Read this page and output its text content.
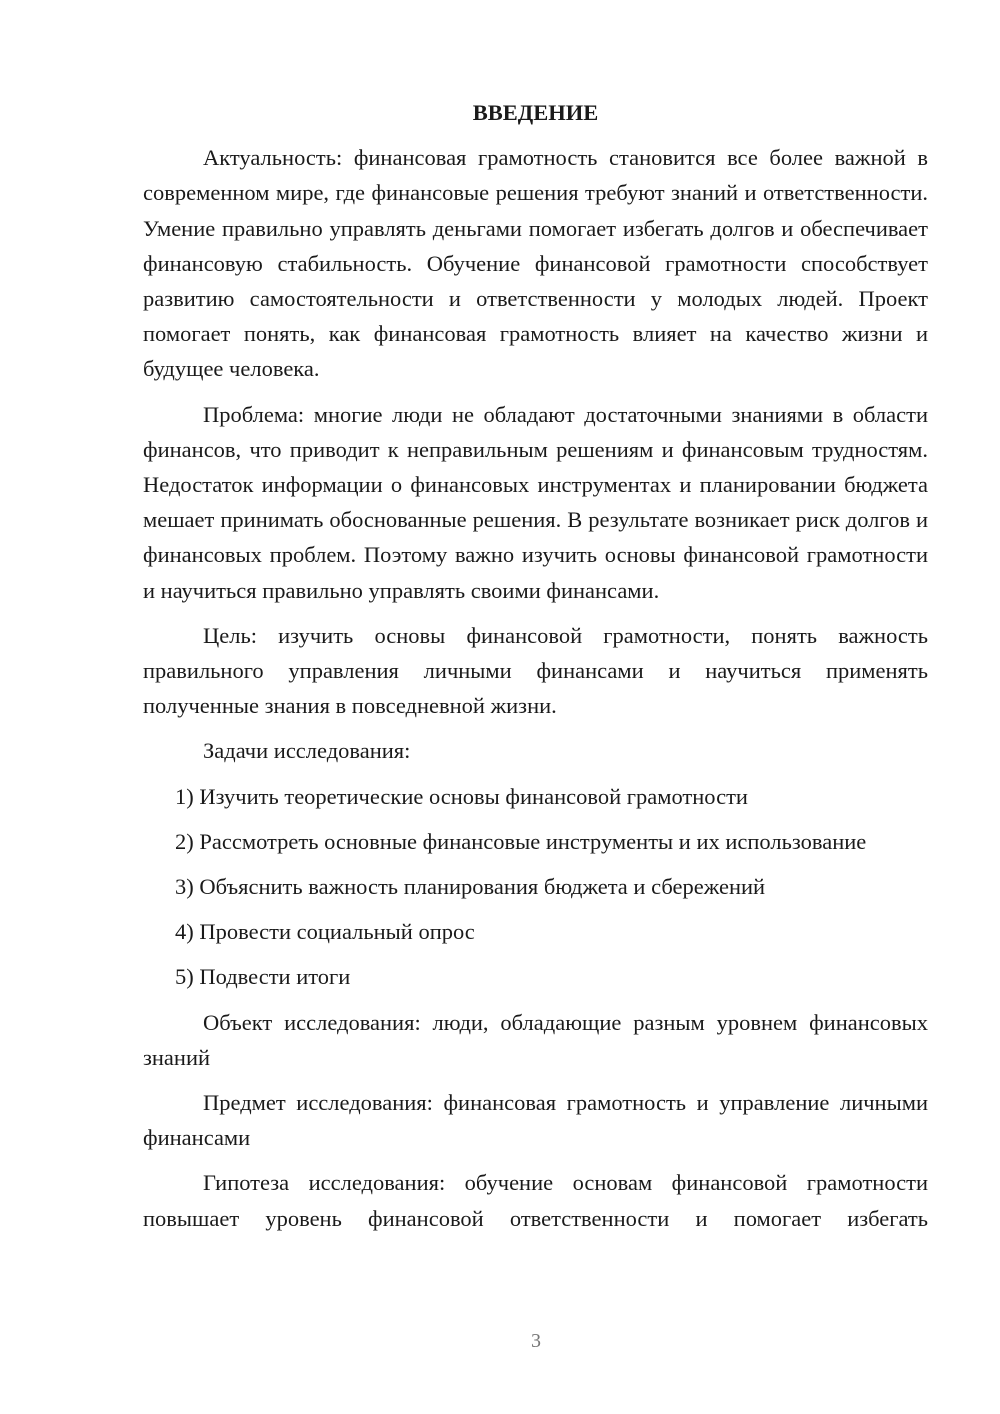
ВВЕДЕНИЕ

Актуальность: финансовая грамотность становится все более важной в современном мире, где финансовые решения требуют знаний и ответственности. Умение правильно управлять деньгами помогает избегать долгов и обеспечивает финансовую стабильность. Обучение финансовой грамотности способствует развитию самостоятельности и ответственности у молодых людей. Проект помогает понять, как финансовая грамотность влияет на качество жизни и будущее человека.

Проблема: многие люди не обладают достаточными знаниями в области финансов, что приводит к неправильным решениям и финансовым трудностям. Недостаток информации о финансовых инструментах и планировании бюджета мешает принимать обоснованные решения. В результате возникает риск долгов и финансовых проблем. Поэтому важно изучить основы финансовой грамотности и научиться правильно управлять своими финансами.

Цель: изучить основы финансовой грамотности, понять важность правильного управления личными финансами и научиться применять полученные знания в повседневной жизни.

Задачи исследования:

1) Изучить теоретические основы финансовой грамотности

2) Рассмотреть основные финансовые инструменты и их использование

3) Объяснить важность планирования бюджета и сбережений

4) Провести социальный опрос

5) Подвести итоги

Объект исследования: люди, обладающие разным уровнем финансовых знаний

Предмет исследования: финансовая грамотность и управление личными финансами

Гипотеза исследования: обучение основам финансовой грамотности повышает уровень финансовой ответственности и помогает избегать

3
